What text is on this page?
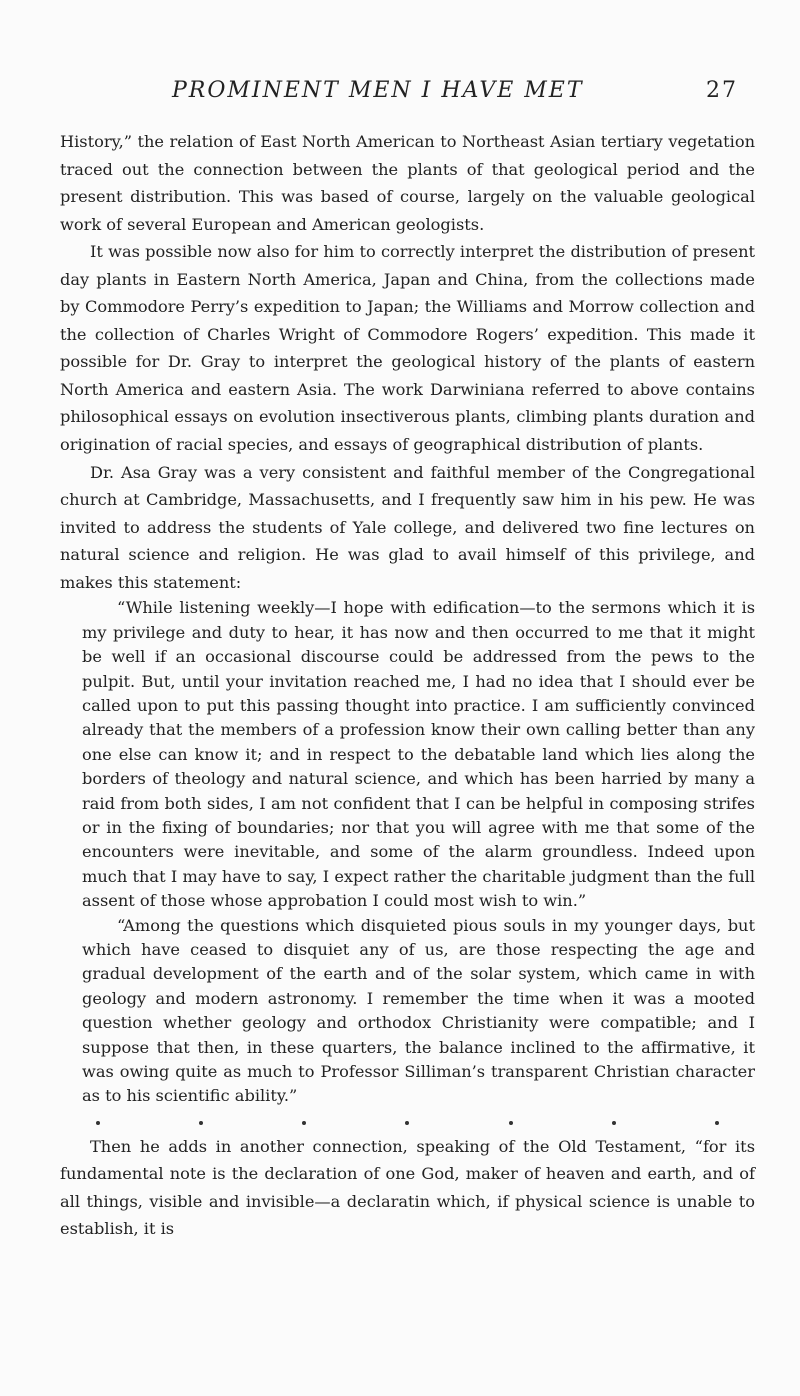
PROMINENT MEN I HAVE MET	27

History,” the relation of East North American to Northeast Asian tertiary vegetation traced out the connection between the plants of that geological period and the present distribution. This was based of course, largely on the valuable geological work of several European and American geologists.

It was possible now also for him to correctly interpret the distribution of present day plants in Eastern North America, Japan and China, from the collections made by Commodore Perry’s expedition to Japan; the Williams and Morrow collection and the collection of Charles Wright of Commodore Rogers’ expedition. This made it possible for Dr. Gray to interpret the geological history of the plants of eastern North America and eastern Asia. The work Darwiniana referred to above contains philosophical essays on evolution insectiverous plants, climbing plants duration and origination of racial species, and essays of geographical distribution of plants.

Dr. Asa Gray was a very consistent and faithful member of the Congregational church at Cambridge, Massachusetts, and I frequently saw him in his pew. He was invited to address the students of Yale college, and delivered two fine lectures on natural science and religion. He was glad to avail himself of this privilege, and makes this statement:

“While listening weekly—I hope with edification—to the sermons which it is my privilege and duty to hear, it has now and then occurred to me that it might be well if an occasional discourse could be addressed from the pews to the pulpit. But, until your invitation reached me, I had no idea that I should ever be called upon to put this passing thought into practice. I am sufficiently convinced already that the members of a profession know their own calling better than any one else can know it; and in respect to the debatable land which lies along the borders of theology and natural science, and which has been harried by many a raid from both sides, I am not confident that I can be helpful in composing strifes or in the fixing of boundaries; nor that you will agree with me that some of the encounters were inevitable, and some of the alarm groundless. Indeed upon much that I may have to say, I expect rather the charitable judgment than the full assent of those whose approbation I could most wish to win.”

“Among the questions which disquieted pious souls in my younger days, but which have ceased to disquiet any of us, are those respecting the age and gradual development of the earth and of the solar system, which came in with geology and modern astronomy. I remember the time when it was a mooted question whether geology and orthodox Christianity were compatible; and I suppose that then, in these quarters, the balance inclined to the affirmative, it was owing quite as much to Professor Silliman’s transparent Christian character as to his scientific ability.”

Then he adds in another connection, speaking of the Old Testament, “for its fundamental note is the declaration of one God, maker of heaven and earth, and of all things, visible and invisible—a declaratin which, if physical science is unable to establish, it is
